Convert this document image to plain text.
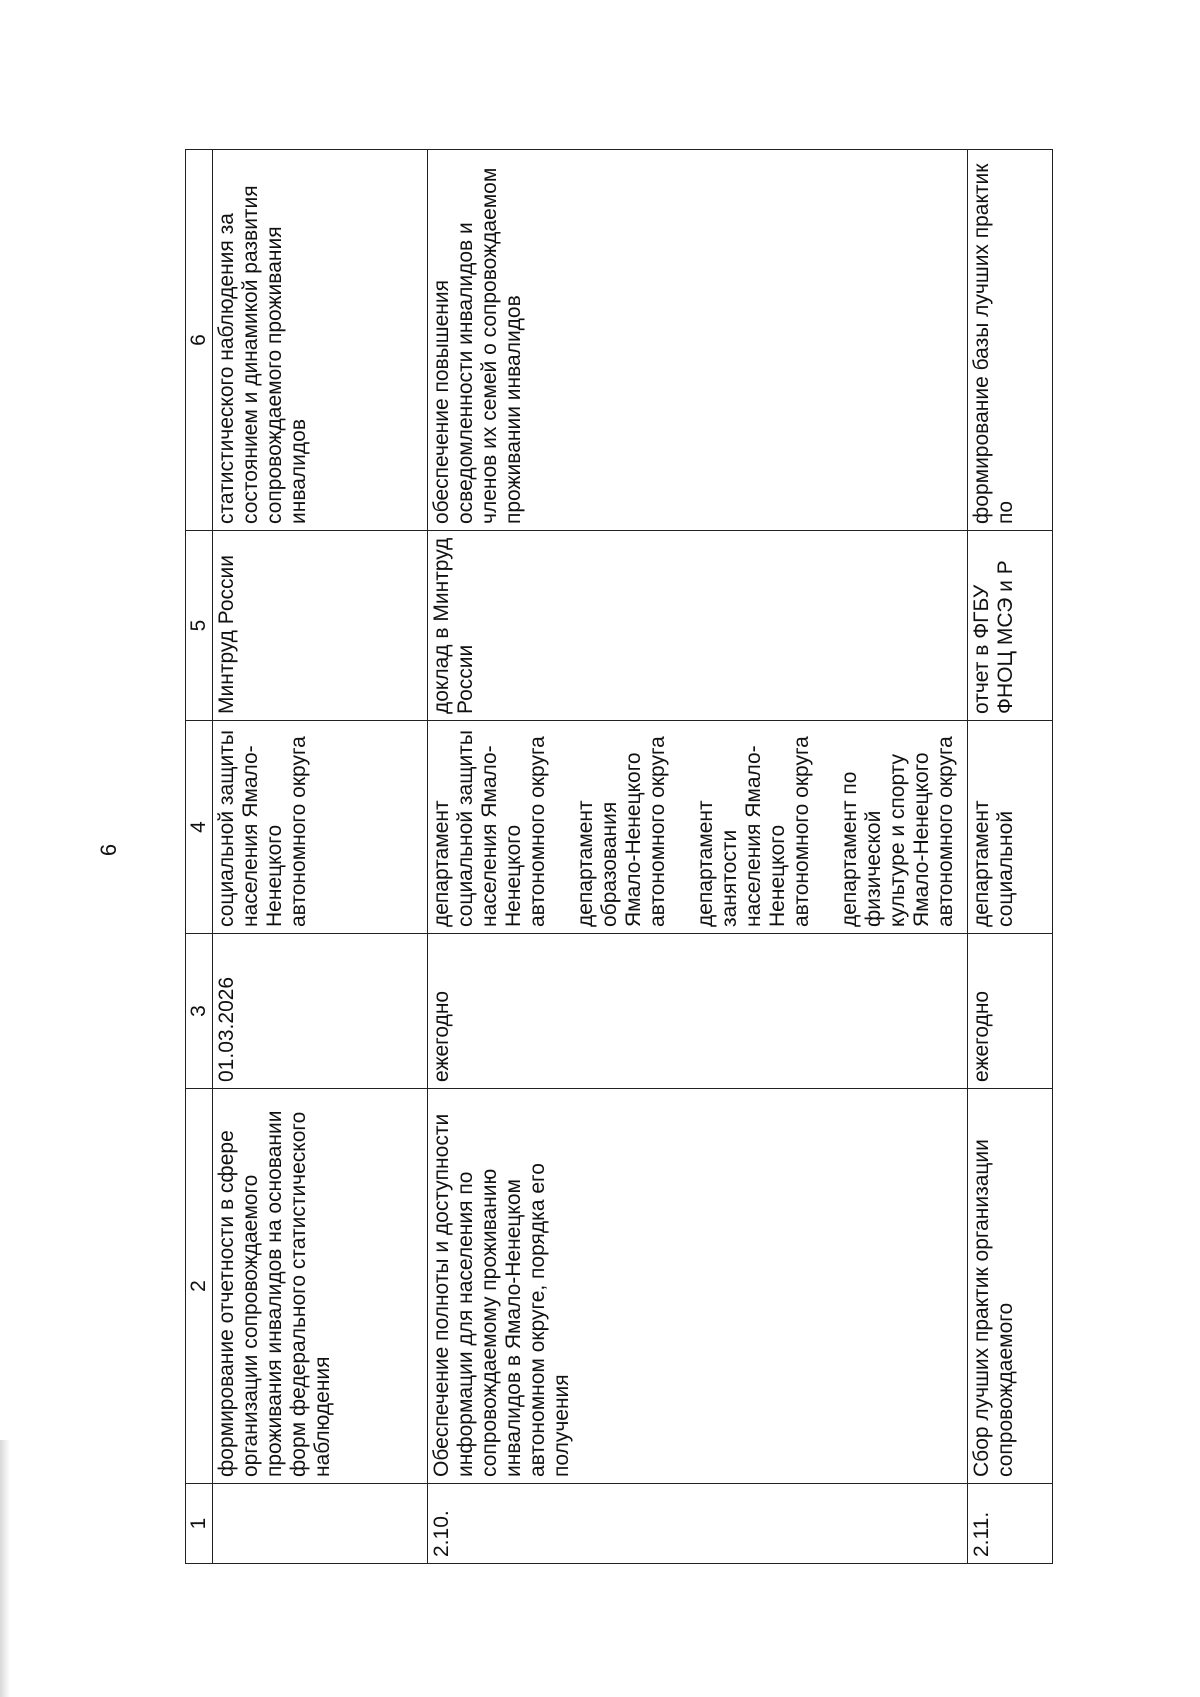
6
1	2	3	4	5	6
	формирование отчетности в сфере организации сопровождаемого проживания инвалидов на основании форм федерального статистического наблюдения	01.03.2026	социальной защиты населения Ямало-Ненецкого автономного округа	Минтруд России	статистического наблюдения за состоянием и динамикой развития сопровождаемого проживания инвалидов
2.10.	Обеспечение полноты и доступности информации для населения по сопровождаемому проживанию инвалидов в Ямало-Ненецком автономном округе, порядка его получения	ежегодно	департамент социальной защиты населения Ямало-Ненецкого автономного округа департамент образования Ямало-Ненецкого автономного округа департамент занятости населения Ямало-Ненецкого автономного округа департамент по физической культуре и спорту Ямало-Ненецкого автономного округа	доклад в Минтруд России	обеспечение повышения осведомленности инвалидов и членов их семей о сопровождаемом проживании инвалидов
2.11.	Сбор лучших практик организации сопровождаемого	ежегодно	департамент социальной	отчет в ФГБУ ФНОЦ МСЭ и Р	формирование базы лучших практик по
